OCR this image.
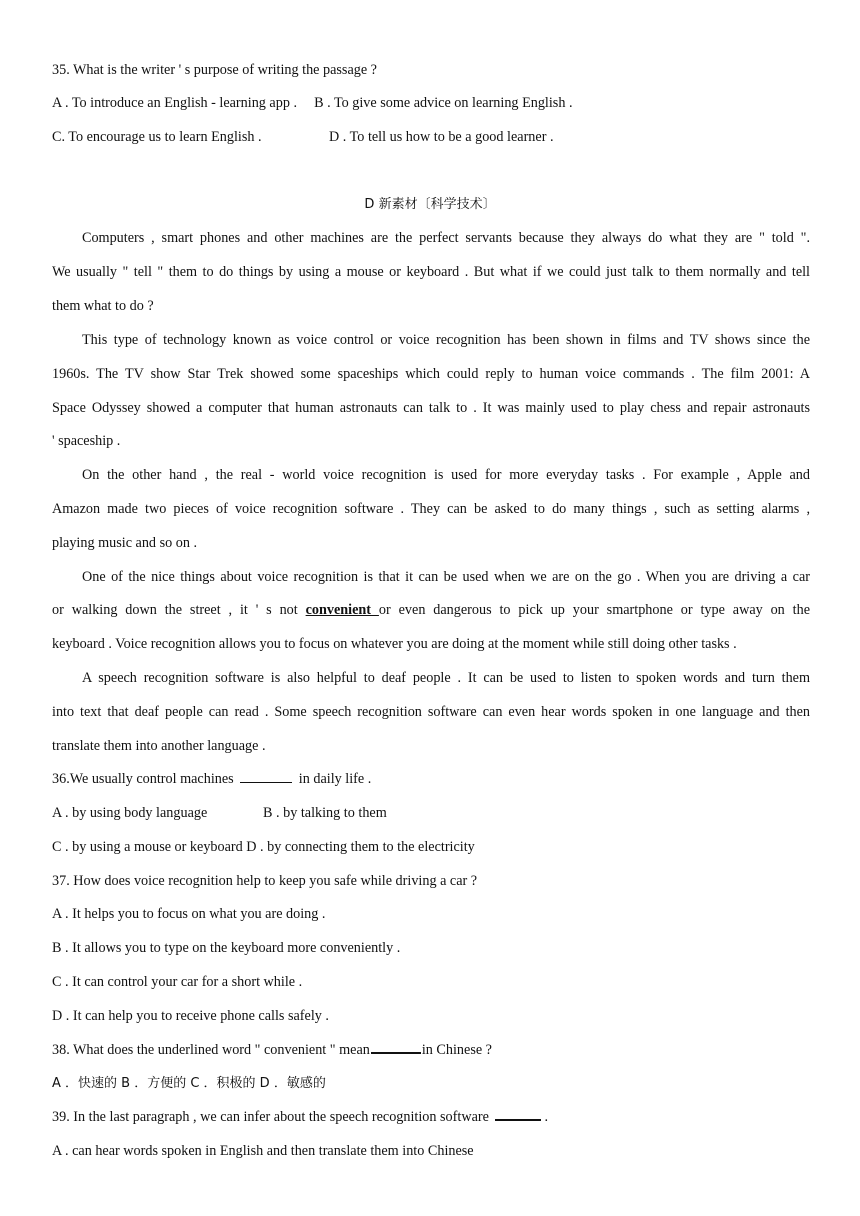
35. What is the writer ' s purpose of writing the passage ?
A . To introduce an English - learning app . B . To give some advice on learning English .
C. To encourage us to learn English .	D . To tell us how to be a good learner .
D 新素材〔科学技术〕
Computers , smart phones and other machines are the perfect servants because they always do what they are " told ".
We usually " tell " them to do things by using a mouse or keyboard . But what if we could just talk to them normally and tell
them what to do ?
This type of technology known as voice control or voice recognition has been shown in films and TV shows since the
1960s. The TV show Star Trek showed some spaceships which could reply to human voice commands . The film 2001: A
Space Odyssey showed a computer that human astronauts can talk to . It was mainly used to play chess and repair astronauts
' spaceship .
On the other hand , the real - world voice recognition is used for more everyday tasks . For example , Apple and
Amazon made two pieces of voice recognition software . They can be asked to do many things , such as setting alarms ,
playing music and so on .
One of the nice things about voice recognition is that it can be used when we are on the go . When you are driving a car
or walking down the street , it ' s not convenient or even dangerous to pick up your smartphone or type away on the
keyboard . Voice recognition allows you to focus on whatever you are doing at the moment while still doing other tasks .
A speech recognition software is also helpful to deaf people . It can be used to listen to spoken words and turn them
into text that deaf people can read . Some speech recognition software can even hear words spoken in one language and then
translate them into another language .
36.We usually control machines	in daily life .
A . by using body language	B . by talking to them
C . by using a mouse or keyboard D . by connecting them to the electricity
37. How does voice recognition help to keep you safe while driving a car ?
A . It helps you to focus on what you are doing .
B . It allows you to type on the keyboard more conveniently .
C . It can control your car for a short while .
D . It can help you to receive phone calls safely .
38. What does the underlined word " convenient " mean	in Chinese ?
A ．快速的 B ．方便的 C ．积极的 D ．敏感的
39. In the last paragraph , we can infer about the speech recognition software	.
A . can hear words spoken in English and then translate them into Chinese
